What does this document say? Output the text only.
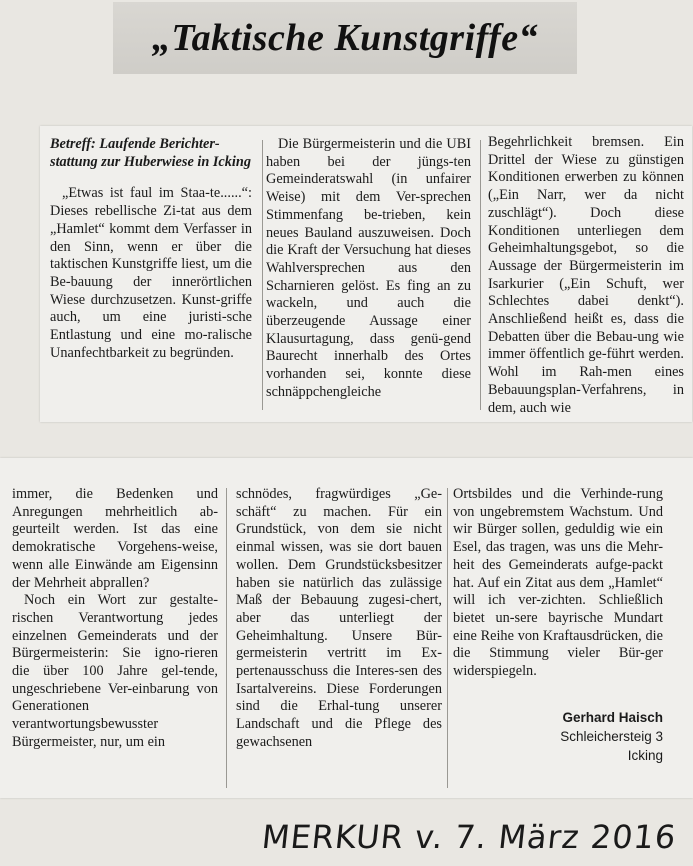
„Taktische Kunstgriffe“
Betreff: Laufende Berichter-stattung zur Huberwiese in Icking

„Etwas ist faul im Staa-te......“: Dieses rebellische Zi-tat aus dem „Hamlet“ kommt dem Verfasser in den Sinn, wenn er über die taktischen Kunstgriffe liest, um die Be-bauung der innerörtlichen Wiese durchzusetzen. Kunst-griffe auch, um eine juristi-sche Entlastung und eine mo-ralische Unanfechtbarkeit zu begründen.

Die Bürgermeisterin und die UBI haben bei der jüngs-ten Gemeinderatswahl (in unfairer Weise) mit dem Ver-sprechen Stimmenfang be-trieben, kein neues Bauland auszuweisen. Doch die Kraft der Versuchung hat dieses Wahlversprechen aus den Scharnieren gelöst. Es fing an zu wackeln, und auch die überzeugende Aussage einer Klausurtagung, dass genü-gend Baurecht innerhalb des Ortes vorhanden sei, konnte diese schnäppchengleiche

Begehrlichkeit bremsen. Ein Drittel der Wiese zu günstigen Konditionen erwerben zu können („Ein Narr, wer da nicht zuschlägt“). Doch diese Konditionen unterliegen dem Geheimhaltungsgebot, so die Aussage der Bürgermeisterin im Isarkurier („Ein Schuft, wer Schlechtes dabei denkt“). Anschließend heißt es, dass die Debatten über die Bebau-ung wie immer öffentlich ge-führt werden. Wohl im Rah-men eines Bebauungsplan-Verfahrens, in dem, auch wie

immer, die Bedenken und Anregungen mehrheitlich ab-geurteilt werden. Ist das eine demokratische Vorgehens-weise, wenn alle Einwände am Eigensinn der Mehrheit abprallen?

Noch ein Wort zur gestalte-rischen Verantwortung jedes einzelnen Gemeinderats und der Bürgermeisterin: Sie igno-rieren die über 100 Jahre gel-tende, ungeschriebene Ver-einbarung von Generationen verantwortungsbewusster Bürgermeister, nur, um ein

schnödes, fragwürdiges „Ge-schäft“ zu machen. Für ein Grundstück, von dem sie nicht einmal wissen, was sie dort bauen wollen. Dem Grundstücksbesitzer haben sie natürlich das zulässige Maß der Bebauung zugesi-chert, aber das unterliegt der Geheimhaltung. Unsere Bür-germeisterin vertritt im Ex-pertenausschuss die Interes-sen des Isartalvereins. Diese Forderungen sind die Erhal-tung unserer Landschaft und die Pflege des gewachsenen

Ortsbildes und die Verhinde-rung von ungebremstem Wachstum. Und wir Bürger sollen, geduldig wie ein Esel, das tragen, was uns die Mehr-heit des Gemeinderats aufge-packt hat. Auf ein Zitat aus dem „Hamlet“ will ich ver-zichten. Schließlich bietet un-sere bayrische Mundart eine Reihe von Kraftausdrücken, die die Stimmung vieler Bür-ger widerspiegeln.

Gerhard Haisch
Schleichersteig 3
Icking
MERKUR v. 7. März 2016
